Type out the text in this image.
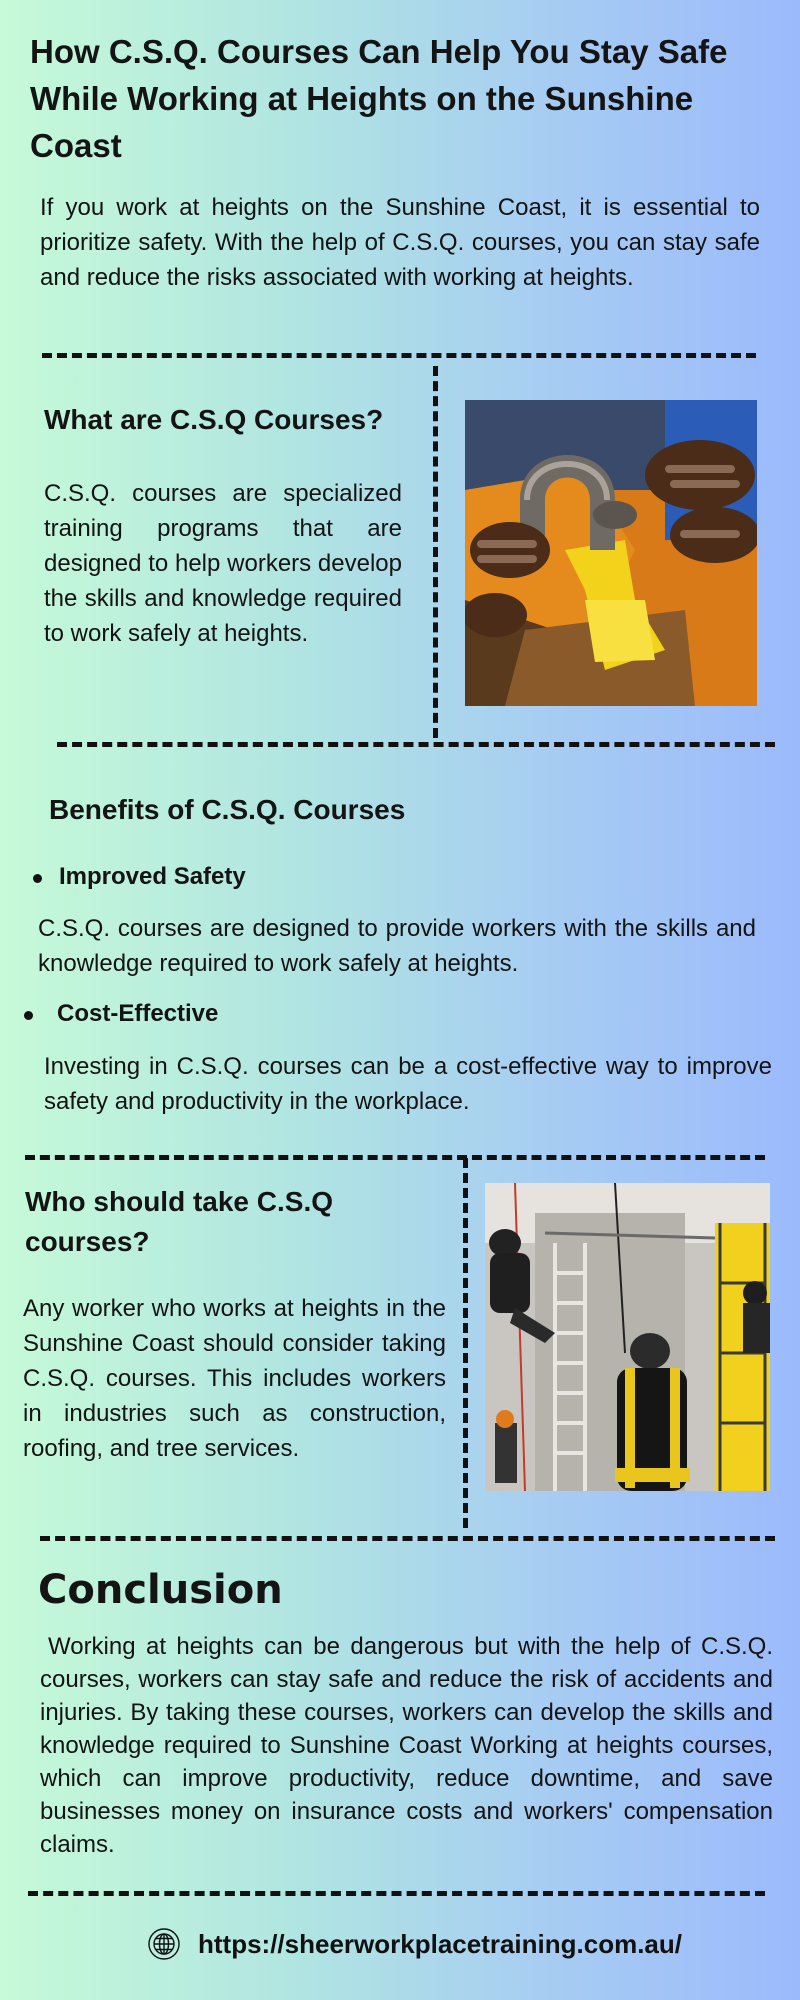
How C.S.Q. Courses Can Help You Stay Safe While Working at Heights on the Sunshine Coast
If you work at heights on the Sunshine Coast, it is essential to prioritize safety. With the help of C.S.Q. courses, you can stay safe and reduce the risks associated with working at heights.
What are C.S.Q Courses?
C.S.Q. courses are specialized training programs that are designed to help workers develop the skills and knowledge required to work safely at heights.
Benefits of C.S.Q. Courses
Improved Safety
C.S.Q. courses are designed to provide workers with the skills and knowledge required to work safely at heights.
Cost-Effective
Investing in C.S.Q. courses can be a cost-effective way to improve safety and productivity in the workplace.
Who should take C.S.Q courses?
Any worker who works at heights in the Sunshine Coast should consider taking C.S.Q. courses. This includes workers in industries such as construction, roofing, and tree services.
Conclusion
Working at heights can be dangerous but with the help of C.S.Q. courses, workers can stay safe and reduce the risk of accidents and injuries. By taking these courses, workers can develop the skills and knowledge required to Sunshine Coast Working at heights courses, which can improve productivity, reduce downtime, and save businesses money on insurance costs and workers' compensation claims.
https://sheerworkplacetraining.com.au/
